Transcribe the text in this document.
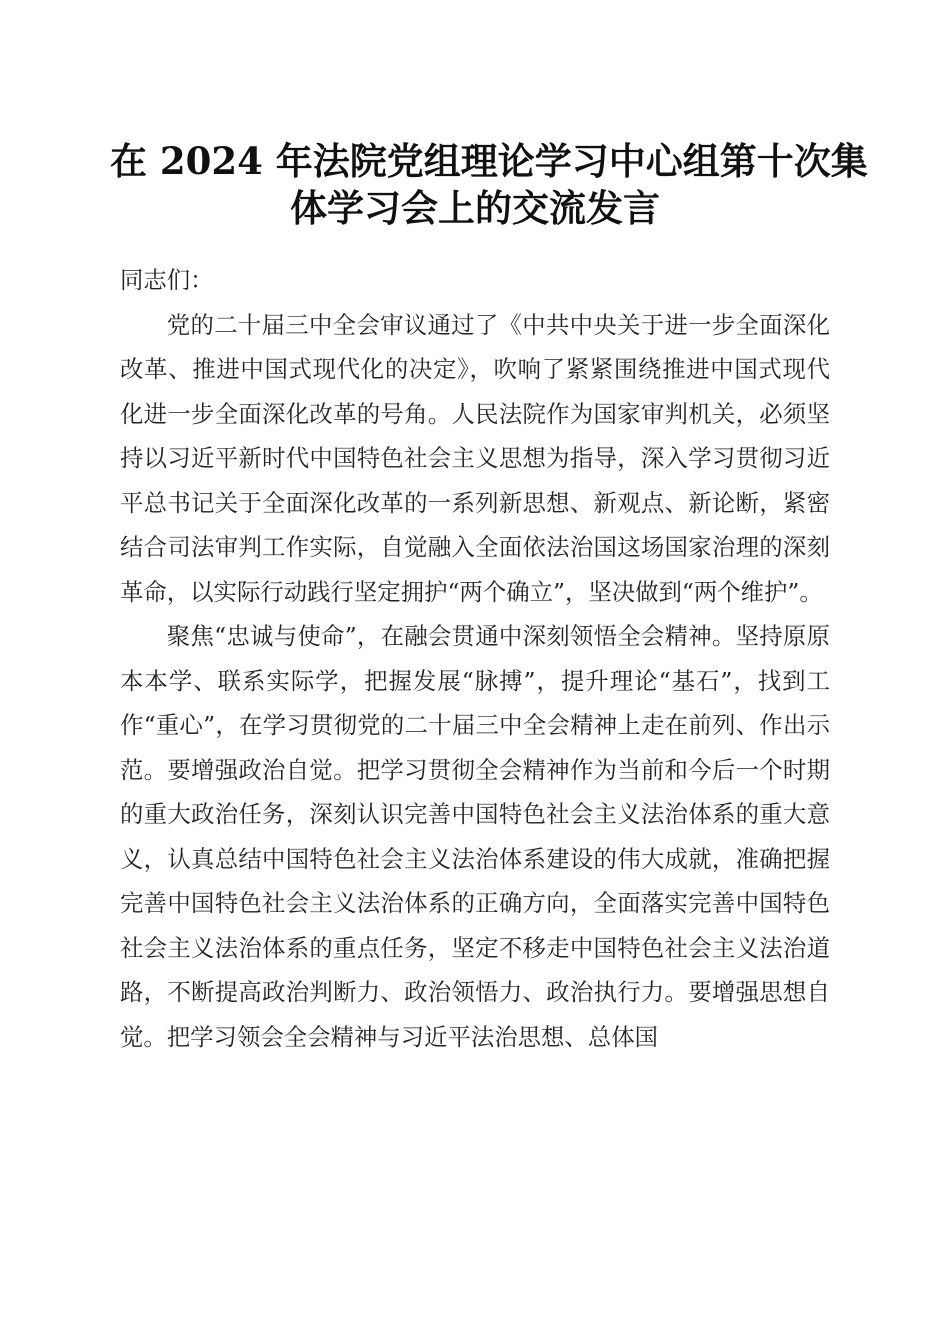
在 2024 年法院党组理论学习中心组第十次集
体学习会上的交流发言

同志们：

党的二十届三中全会审议通过了《中共中央关于进一步全面深化改革、推进中国式现代化的决定》，吹响了紧紧围绕推进中国式现代化进一步全面深化改革的号角。人民法院作为国家审判机关，必须坚持以习近平新时代中国特色社会主义思想为指导，深入学习贯彻习近平总书记关于全面深化改革的一系列新思想、新观点、新论断，紧密结合司法审判工作实际，自觉融入全面依法治国这场国家治理的深刻革命，以实际行动践行坚定拥护“两个确立”，坚决做到“两个维护”。

聚焦“忠诚与使命”，在融会贯通中深刻领悟全会精神。坚持原原本本学、联系实际学，把握发展“脉搏”，提升理论“基石”，找到工作“重心”，在学习贯彻党的二十届三中全会精神上走在前列、作出示范。要增强政治自觉。把学习贯彻全会精神作为当前和今后一个时期的重大政治任务，深刻认识完善中国特色社会主义法治体系的重大意义，认真总结中国特色社会主义法治体系建设的伟大成就，准确把握完善中国特色社会主义法治体系的正确方向，全面落实完善中国特色社会主义法治体系的重点任务，坚定不移走中国特色社会主义法治道路，不断提高政治判断力、政治领悟力、政治执行力。要增强思想自觉。把学习领会全会精神与习近平法治思想、总体国
